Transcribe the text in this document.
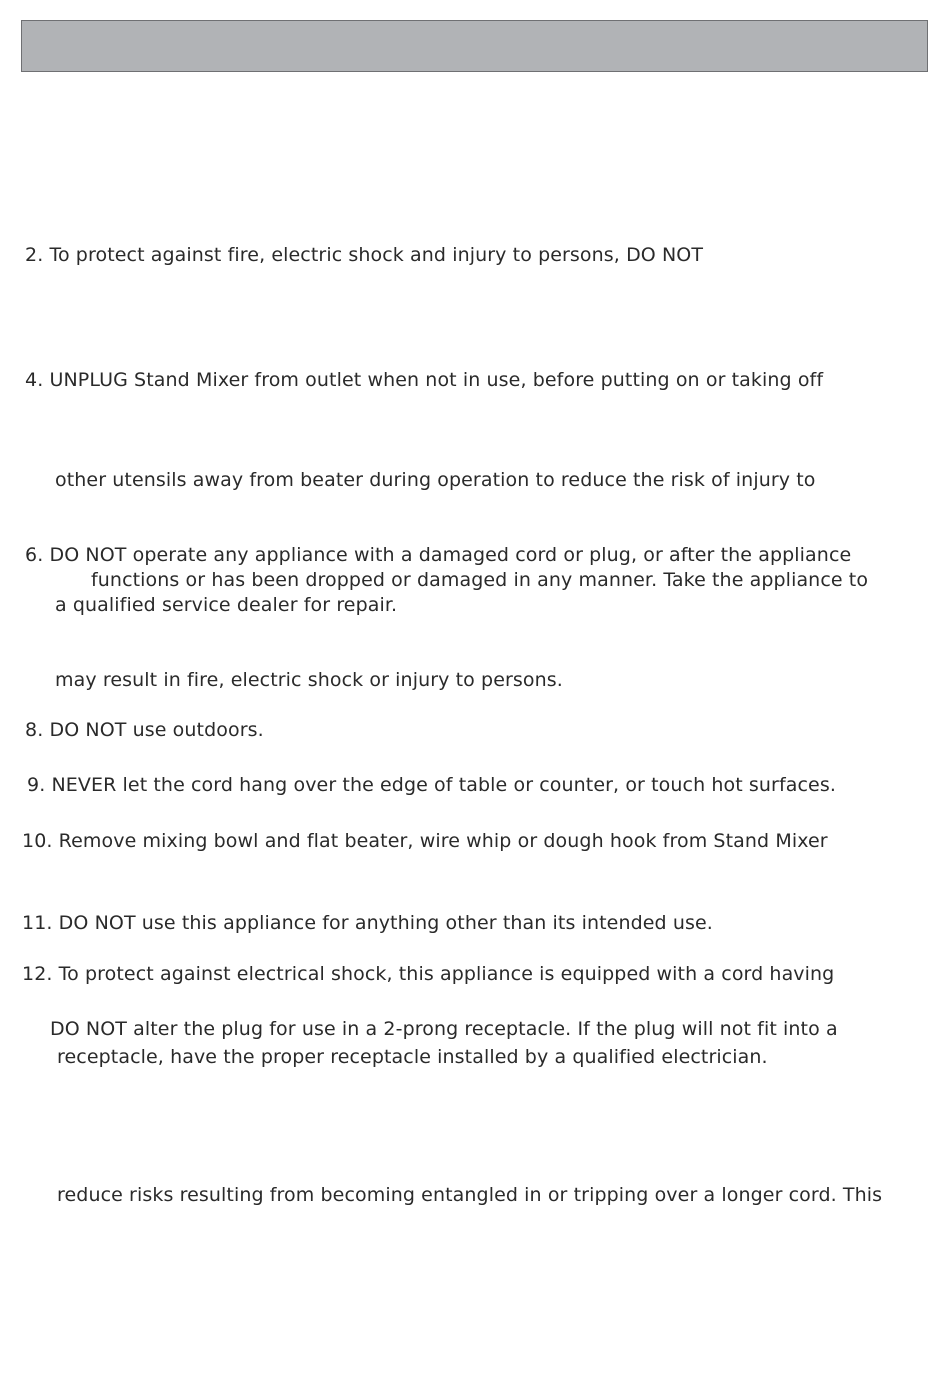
2. To protect against fire, electric shock and injury to persons, DO NOT
4. UNPLUG Stand Mixer from outlet when not in use, before putting on or taking off
other utensils away from beater during operation to reduce the risk of injury to
6. DO NOT operate any appliance with a damaged cord or plug, or after the appliance
functions or has been dropped or damaged in any manner. Take the appliance to
a qualified service dealer for repair.
may result in fire, electric shock or injury to persons.
8. DO NOT use outdoors.
9. NEVER let the cord hang over the edge of table or counter, or touch hot surfaces.
10. Remove mixing bowl and flat beater, wire whip or dough hook from Stand Mixer
11. DO NOT use this appliance for anything other than its intended use.
12. To protect against electrical shock, this appliance is equipped with a cord having
DO NOT alter the plug for use in a 2-prong receptacle. If the plug will not fit into a
receptacle, have the proper receptacle installed by a qualified electrician.
reduce risks resulting from becoming entangled in or tripping over a longer cord. This
